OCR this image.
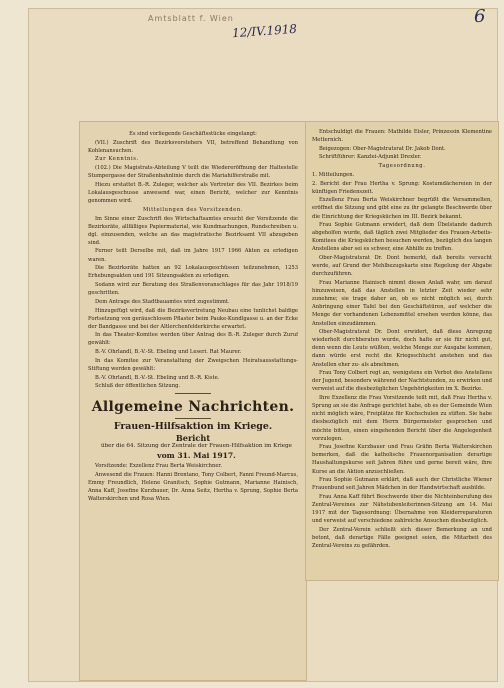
Amtsblatt f. Wien
12/IV.1918
6

Es sind vorliegende Geschäftsstücke eingelangt:

(VII.) Zuschrift des Bezirksvorstehers VII, betreffend Behandlung von Kohlenansuchen.

Zur Kenntnis.

(102.) Die Magistrats-Abteilung V teilt die Wiedereröffnung der Haltestelle Stumpergasse der Straßenbahnlinie durch die Mariahilferstraße mit.

Hiezu erstattet B.-R. Zuleger, welcher als Vertreter des VII. Bezirkes beim Lokalausgeschusse anwesend war, einen Bericht, welcher zur Kenntnis genommen wird.

Mitteilungen des Vorsitzenden.

Im Sinne einer Zuschrift des Wirtschaftsamtes ersucht der Vorsitzende die Bezirksräte, allfälliges Papiermaterial, wie Kundmachungen, Rundschreiben u. dgl. einzusenden, welche an das magistratische Bezirksamt VII abzugeben sind.

Ferner teilt Derselbe mit, daß im Jahre 1917 1966 Akten zu erledigen waren.

Die Bezirksräte hatten an 92 Lokalausgeschüssen teilzunehmen, 1253 Erhebungsakten und 191 Sitzungsakten zu erledigen.

Sodann wird zur Beratung des Straßenvoranschlages für das Jahr 1918/19 geschritten.

Dem Antrage des Stadtbauamtes wird zugestimmt.

Hinzugefügt wird, daß die Bezirksvertretung Neubau eine tunlichst baldige Fortsetzung von geräuschlosem Pflaster beim Pauke-Kundlgasse u. an der Ecke der Bandgasse und bei der Altlerchenfelderkirche erwartet.

In das Theater-Komitee werden über Antrag des B.-R. Zuleger durch Zuruf gewählt:

B.-V. Ohrlandl, B.-V.-St. Ebeling und Leseri. Rat Maurer.

In das Komitee zur Veranstaltung der Zweigschen Heiratsausstattungs-Stiftung werden gewählt:

B.-V. Ohrlandl, B.-V.-St. Ebeling und B.-R. Kiste.

Schluß der öffentlichen Sitzung.

Allgemeine Nachrichten.
Frauen-Hilfsaktion im Kriege.
Bericht

über die 64. Sitzung der Zentrale der Frauen-Hilfsaktion im Kriege

vom 31. Mai 1917.

Vorsitzende: Exzellenz Frau Berta Weiskirchner.

Anwesend die Frauen: Hanni Brentano, Tony Colbert, Fanni Freund-Marcus, Emmy Freundlich, Helene Granitsch, Sophie Gutmann, Marianne Hainisch, Anna Kaff, Josefine Kurzbauer, Dr. Anna Seitz, Hertha v. Sprung, Sophie Berta Walterskirchen und Rosa Wien.

Entschuldigt die Frauen: Mathilde Eisler, Prinzessin Klementine Metternich.

Beigezogen: Ober-Magistratsrat Dr. Jakob Dont.

Schriftführer: Kanzlei-Adjunkt Drexler.

Tagesordnung.

1. Mitteilungen.

2. Bericht der Frau Hertha v. Sprung: Kostumdächereien in der künftigen Friedenszeit.

Exzellenz Frau Berta Weiskirchner begrüßt die Versammelten, eröffnet die Sitzung und gibt eine zu ihr gelangte Beschwerde über die Einrichtung der Kriegsküchen im III. Bezirk bekannt.

Frau Sophie Gutmann erwidert, daß dem Übelstande dadurch abgeholfen wurde, daß täglich zwei Mitglieder des Frauen-Arbeits-Komitees die Kriegsküchen besuchen werden, bezüglich des langen Anstellens aber sei es schwer, eine Abhilfe zu treffen.

Ober-Magistratsrat Dr. Dont bemerkt, daß bereits versucht werde, auf Grund der Mehlbezugskarte eine Regelung der Abgabe durchzuführen.

Frau Marianne Hainisch nimmt diesen Anlaß wahr, um darauf hinzuweisen, daß das Anstellen in letzter Zeit wieder sehr zunehme; sie trage daher an, ob es nicht möglich sei, durch Anbringung einer Tafel bei den Geschäftstüren, auf welcher die Menge der vorhandenen Lebensmittel ersehen werden könne, das Anstellen einzudämmen.

Ober-Magistratsrat Dr. Dont erwidert, daß diese Anregung wiederholt durchberaten wurde, doch halte er sie für nicht gut, denn wenn die Leute wüßten, welche Menge zur Ausgabe kommen, dann würde erst recht die Kriegsschlucht anstehen und das Anstellen eher zu- als abnehmen.

Frau Tony Colbert regt an, wenigstens ein Verbot des Anstellens der Jugend, besonders während der Nachtstunden, zu erwirken und verweist auf die diesbezüglichen Ungehörigkeiten im X. Bezirke.

Ihre Exzellenz die Frau Vorsitzende teilt mit, daß Frau Hertha v. Sprung an sie die Anfrage gerichtet habe, ob es der Gemeinde Wien nicht möglich wäre, Freiplätze für Kochschulen zu stiften. Sie habe diesbezüglich mit dem Herrn Bürgermeister gesprochen und möchte bitten, einen eingehenden Bericht über die Angelegenheit vorzulegen.

Frau Josefine Kurzbauer und Frau Gräfin Berta Walterskirchen bemerken, daß die katholische Frauenorganisation derartige Haushaltungskurse seit Jahren führe und gerne bereit wäre, ihre Kurse an die Aktion anzuschließen.

Frau Sophie Gutmann erklärt, daß auch der Christliche Wiener Frauenbund seit Jahren Mädchen in der Handwirtschaft ausbilde.

Frau Anna Kaff führt Beschwerde über die Nichteinberufung des Zentral-Vereines zur Nähstubenleiterinnen-Sitzung am 14. Mai 1917 mit der Tagesordnung: Übernahme von Kleiderreparaturen und verweist auf verschiedene zahlreiche Ansuchen diesbezüglich.

Der Zentral-Verein schließt sich dieser Bemerkung an und betont, daß derartige Fälle geeignet seien, die Mitarbeit des Zentral-Vereins zu gefährden.
